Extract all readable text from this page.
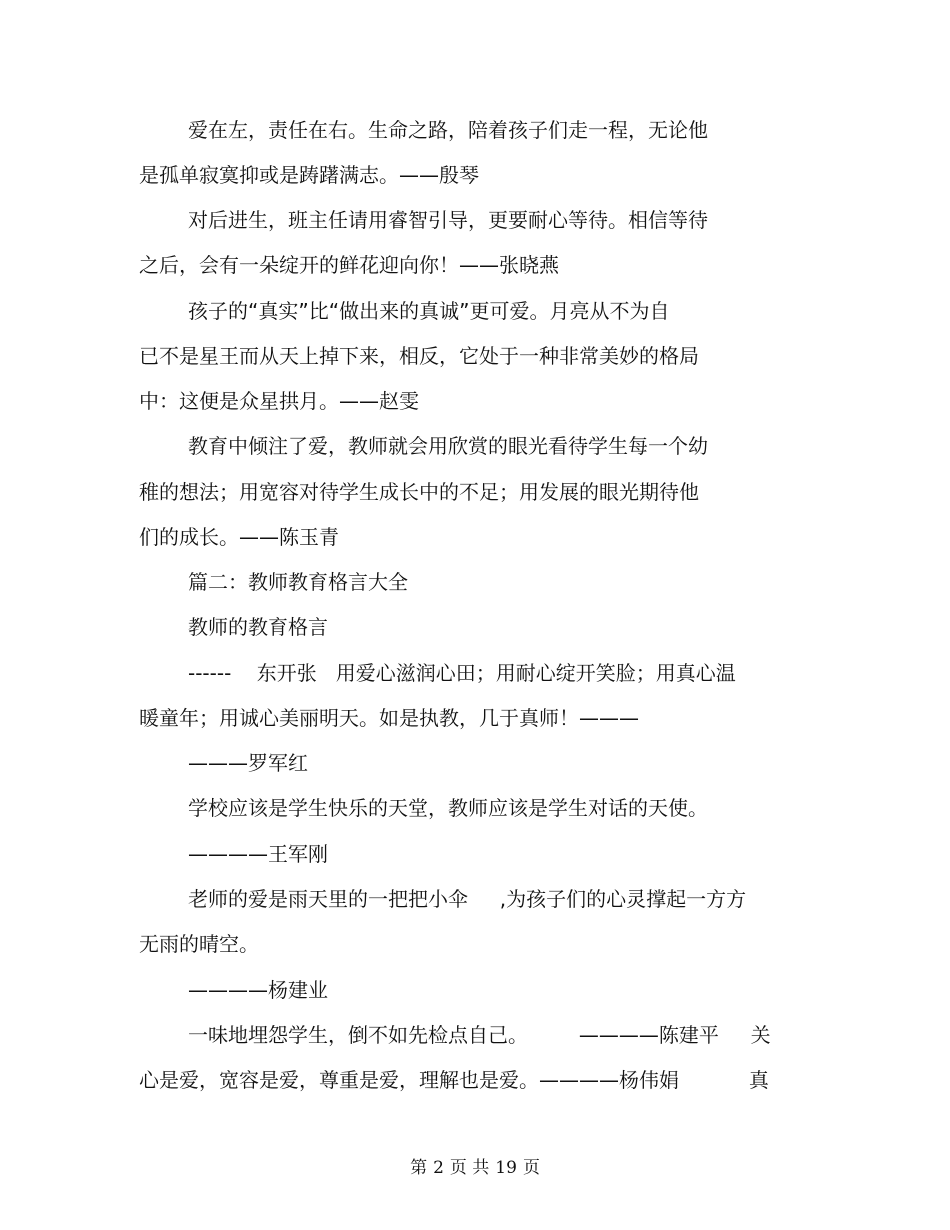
爱在左，责任在右。生命之路，陪着孩子们走一程，无论他
是孤单寂寞抑或是踌躇满志。——殷琴
对后进生，班主任请用睿智引导，更要耐心等待。相信等待
之后，会有一朵绽开的鲜花迎向你！——张晓燕
孩子的“真实”比“做出来的真诚”更可爱。月亮从不为自
已不是星王而从天上掉下来，相反，它处于一种非常美妙的格局
中：这便是众星拱月。——赵雯
教育中倾注了爱，教师就会用欣赏的眼光看待学生每一个幼
稚的想法；用宽容对待学生成长中的不足；用发展的眼光期待他
们的成长。——陈玉青
篇二：教师教育格言大全
教师的教育格言
------    东开张   用爱心滋润心田；用耐心绽开笑脸；用真心温
暖童年；用诚心美丽明天。如是执教，几于真师！———
———罗军红
学校应该是学生快乐的天堂，教师应该是学生对话的天使。
————王军刚
老师的爱是雨天里的一把把小伞     ,为孩子们的心灵撑起一方方
无雨的晴空。
————杨建业
一味地埋怨学生，倒不如先检点自己。        ————陈建平     关
心是爱，宽容是爱，尊重是爱，理解也是爱。————杨伟娟           真
第 2 页 共 19 页
